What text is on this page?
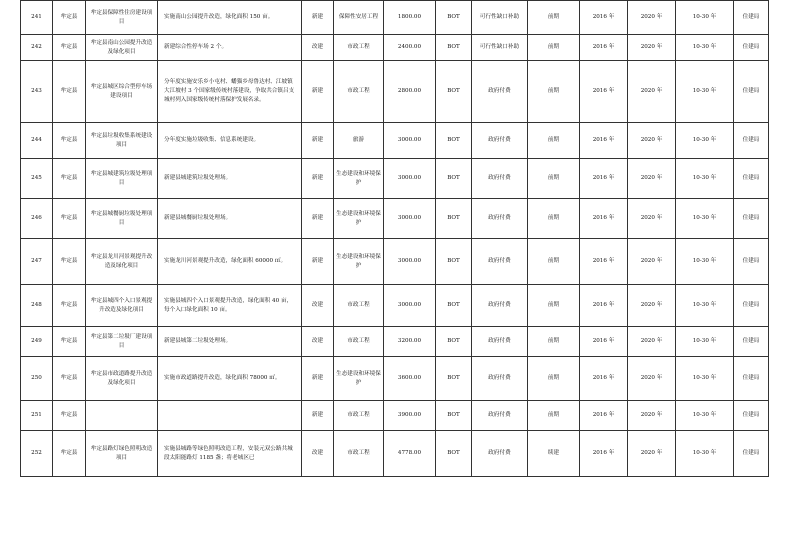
241	牟定县	牟定县保障性住房建设项目	实施南山公园提升改造，绿化面积 150 亩。	新建	保障性安居工程	1800.00	BOT	可行性缺口补助	前期	2016 年	2020 年	10-30 年	住建局
242	牟定县	牟定县南山公园提升改造及绿化项目	新建综合性停车场 2 个。	改建	市政工程	2400.00	BOT	可行性缺口补助	前期	2016 年	2020 年	10-30 年	住建局
243	牟定县	牟定县城区综合型停车场建设项目	分年度实施安乐乡小屯村、蟠猫乡母鲁达村、江坡镇大江坡村 3 个国家级传统村落建设，争取共合镇吕支城村列入国家级传统村落保护发展名录。	新建	市政工程	2800.00	BOT	政府付费	前期	2016 年	2020 年	10-30 年	住建局
244	牟定县	牟定县垃圾收集系统建设项目	分年度实施垃圾收集、信息系统建设。	新建	旅游	3000.00	BOT	政府付费	前期	2016 年	2020 年	10-30 年	住建局
245	牟定县	牟定县城建筑垃圾处理项目	新建县城建筑垃圾处理场。	新建	生态建设和环境保护	3000.00	BOT	政府付费	前期	2016 年	2020 年	10-30 年	住建局
246	牟定县	牟定县城餐厨垃圾处理项目	新建县城餐厨垃圾处理场。	新建	生态建设和环境保护	3000.00	BOT	政府付费	前期	2016 年	2020 年	10-30 年	住建局
247	牟定县	牟定县龙川河景观提升改造及绿化项目	实施龙川河景观提升改造，绿化面积 60000 ㎡。	新建	生态建设和环境保护	3000.00	BOT	政府付费	前期	2016 年	2020 年	10-30 年	住建局
248	牟定县	牟定县城四个入口景观提升改造及绿化项目	实施县城四个入口景观提升改造，绿化面积 40 亩，每个入口绿化面积 10 亩。	改建	市政工程	3000.00	BOT	政府付费	前期	2016 年	2020 年	10-30 年	住建局
249	牟定县	牟定县第二垃圾厂建设项目	新建县城第二垃圾处理场。	改建	市政工程	3200.00	BOT	政府付费	前期	2016 年	2020 年	10-30 年	住建局
250	牟定县	牟定县市政道路提升改造及绿化项目	实施市政道路提升改造，绿化面积 78000 ㎡。	新建	生态建设和环境保护	3600.00	BOT	政府付费	前期	2016 年	2020 年	10-30 年	住建局
251	牟定县			新建	市政工程	3900.00	BOT	政府付费	前期	2016 年	2020 年	10-30 年	住建局
252	牟定县	牟定县路灯绿色照明改造项目	实施县城路等绿色照明改造工程，安装元双公路共城段太阳能路灯 1185 盏；将老城区已	改建	市政工程	4778.00	BOT	政府付费	续建	2016 年	2020 年	10-30 年	住建局
